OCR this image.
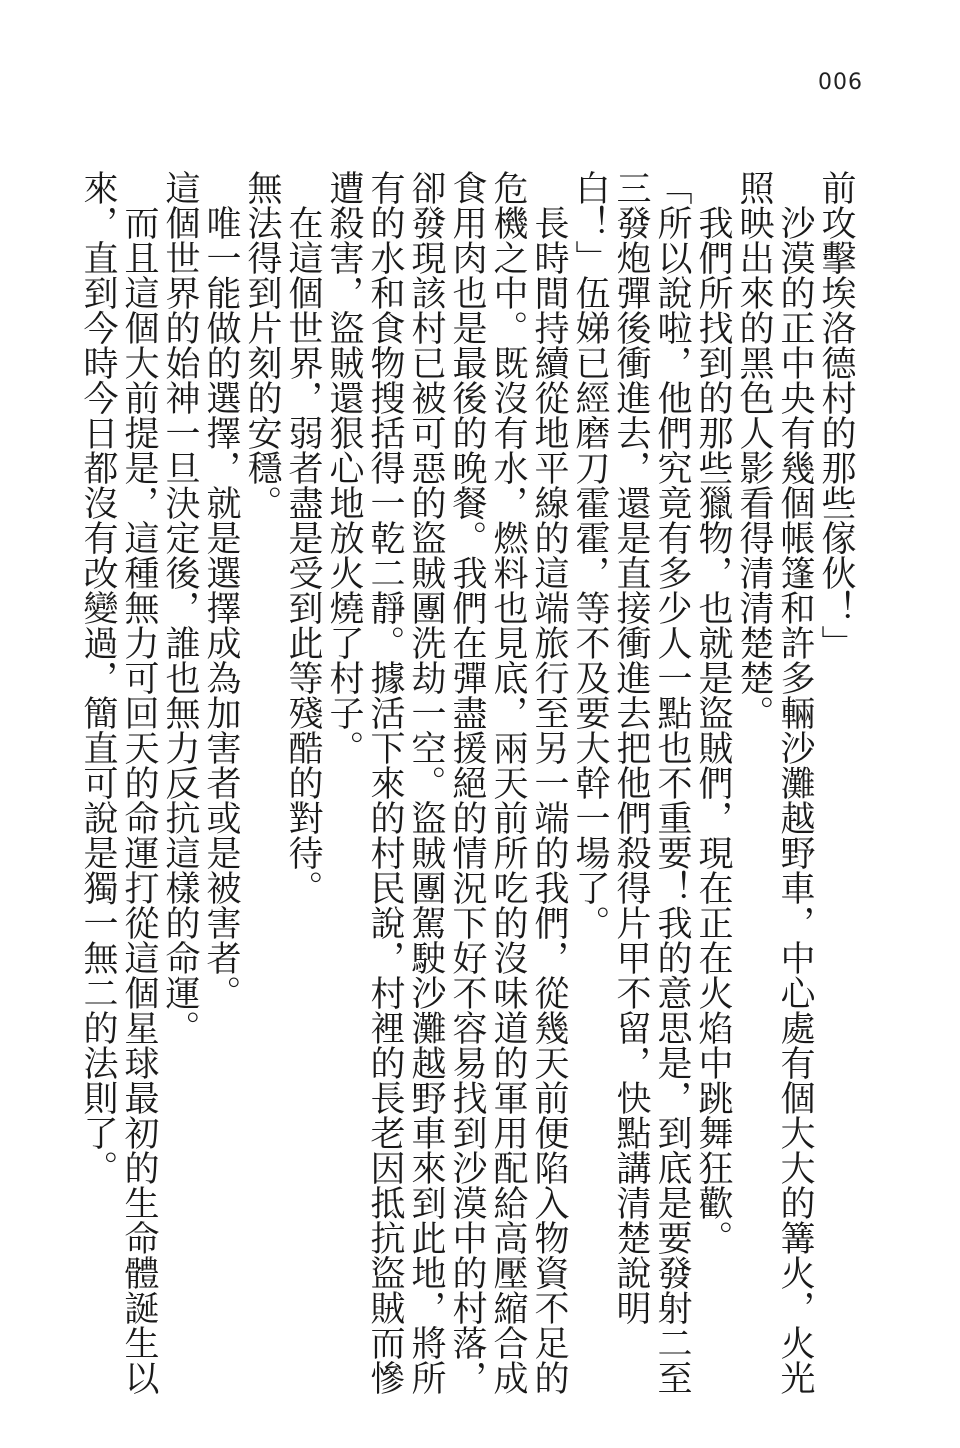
006

前攻擊埃洛德村的那些傢伙！」

沙漠的正中央有幾個帳篷和許多輛沙灘越野車，中心處有個大大的篝火，火光照映出來的黑色人影看得清清楚楚。

我們所找到的那些獵物，也就是盜賊們，現在正在火焰中跳舞狂歡。

「所以說啦，他們究竟有多少人一點也不重要！我的意思是，到底是要發射二至三發炮彈後衝進去，還是直接衝進去把他們殺得片甲不留，快點講清楚說明白！」伍娣已經磨刀霍霍，等不及要大幹一場了。

長時間持續從地平線的這端旅行至另一端的我們，從幾天前便陷入物資不足的危機之中。既沒有水，燃料也見底，兩天前所吃的沒味道的軍用配給高壓縮合成食用肉也是最後的晚餐。我們在彈盡援絕的情況下好不容易找到沙漠中的村落，卻發現該村已被可惡的盜賊團洗劫一空。盜賊團駕駛沙灘越野車來到此地，將所有的水和食物搜括得一乾二靜。據活下來的村民說，村裡的長老因抵抗盜賊而慘遭殺害，盜賊還狠心地放火燒了村子。

在這個世界，弱者盡是受到此等殘酷的對待。

無法得到片刻的安穩。

唯一能做的選擇，就是選擇成為加害者或是被害者。

這個世界的始神一旦決定後，誰也無力反抗這樣的命運。

而且這個大前提是，這種無力可回天的命運打從這個星球最初的生命體誕生以來，直到今時今日都沒有改變過，簡直可說是獨一無二的法則了。
